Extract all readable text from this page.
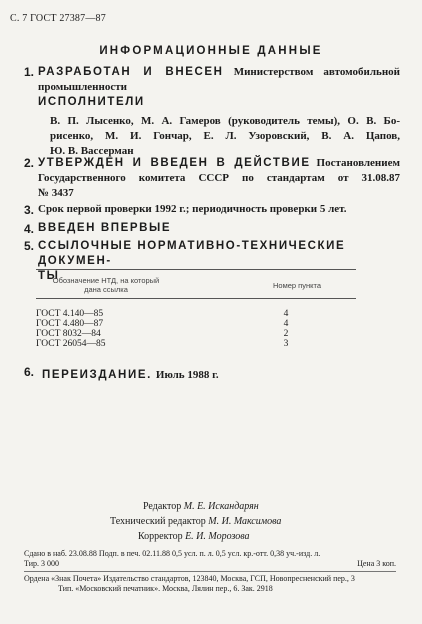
С. 7 ГОСТ 27387—87
ИНФОРМАЦИОННЫЕ ДАННЫЕ
1. РАЗРАБОТАН И ВНЕСЕН Министерством автомобильной
промышленности
ИСПОЛНИТЕЛИ
В. П. Лысенко, М. А. Гамеров (руководитель темы), О. В. Бо-
рисенко, М. И. Гончар, Е. Л. Узоровский, В. А. Цапов,
Ю. В. Вассерман
2. УТВЕРЖДЕН И ВВЕДЕН В ДЕЙСТВИЕ Постановлением
Государственного комитета СССР по стандартам от 31.08.87
№ 3437
3. Срок первой проверки 1992 г.; периодичность проверки 5 лет.
4. ВВЕДЕН ВПЕРВЫЕ
5. ССЫЛОЧНЫЕ НОРМАТИВНО-ТЕХНИЧЕСКИЕ ДОКУМЕН-
ТЫ
Обозначение НТД, на который
дана ссылка	Номер пункта
ГОСТ 4.140—85	4
ГОСТ 4.480—87	4
ГОСТ 8032—84	2
ГОСТ 26054—85	3
6. ПЕРЕИЗДАНИЕ. Июль 1988 г.
Редактор М. Е. Искандарян
Технический редактор М. И. Максимова
Корректор Е. И. Морозова
Сдано в наб. 23.08.88 Подп. в печ. 02.11.88 0,5 усл. п. л. 0,5 усл. кр.-отт. 0,38 уч.-изд. л.
Тир. 3 000	Цена 3 коп.
Ордена «Знак Почета» Издательство стандартов, 123840, Москва, ГСП, Новопресненский пер., 3
Тип. «Московский печатник». Москва, Лялин пер., 6. Зак. 2918
